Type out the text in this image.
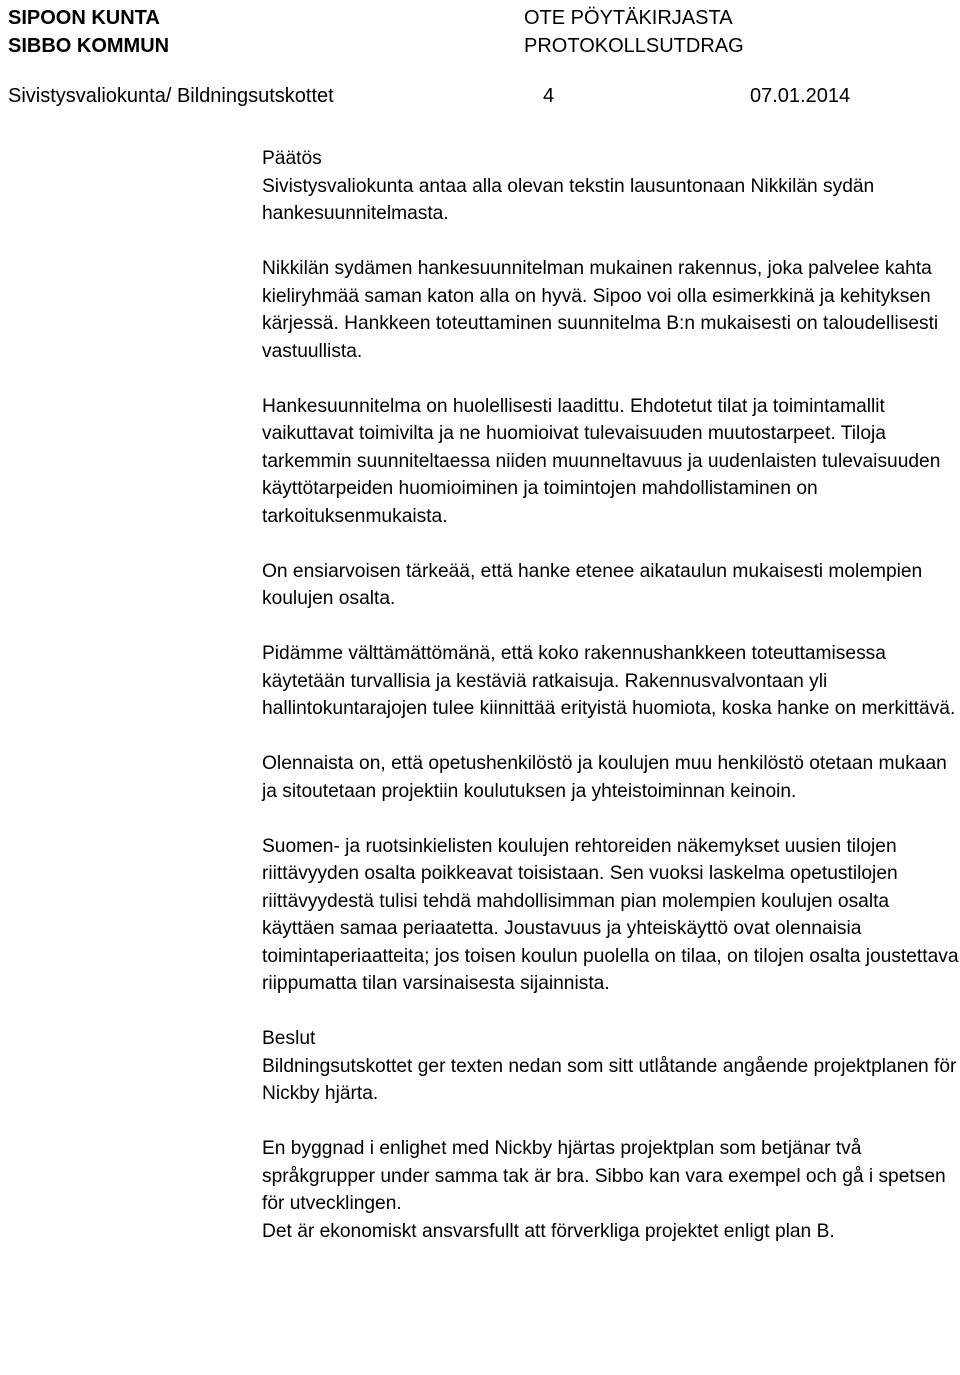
SIPOON KUNTA
SIBBO KOMMUN
OTE PÖYTÄKIRJASTA
PROTOKOLLSUTDRAG
Sivistysvaliokunta/ Bildningsutskottet	4	07.01.2014

Päätös

Sivistysvaliokunta antaa alla olevan tekstin lausuntonaan Nikkilän sydän hankesuunnitelmasta.

Nikkilän sydämen hankesuunnitelman mukainen rakennus, joka palvelee kahta kieliryhmää saman katon alla on hyvä. Sipoo voi olla esimerkkinä ja kehityksen kärjessä. Hankkeen toteuttaminen suunnitelma B:n mukaisesti on taloudellisesti vastuullista.

Hankesuunnitelma on huolellisesti laadittu. Ehdotetut tilat ja toimintamallit vaikuttavat toimivilta ja ne huomioivat tulevaisuuden muutostarpeet. Tiloja tarkemmin suunniteltaessa niiden muunneltavuus ja uudenlaisten tulevaisuuden käyttötarpeiden huomioiminen ja toimintojen mahdollistaminen on tarkoituksenmukaista.

On ensiarvoisen tärkeää, että hanke etenee aikataulun mukaisesti molempien koulujen osalta.

Pidämme välttämättömänä, että koko rakennushankkeen toteuttamisessa käytetään turvallisia ja kestäviä ratkaisuja. Rakennusvalvontaan yli hallintokuntarajojen tulee kiinnittää erityistä huomiota, koska hanke on merkittävä.

Olennaista on, että opetushenkilöstö ja koulujen muu henkilöstö otetaan mukaan ja sitoutetaan projektiin koulutuksen ja yhteistoiminnan keinoin.

Suomen- ja ruotsinkielisten koulujen rehtoreiden näkemykset uusien tilojen riittävyyden osalta poikkeavat toisistaan. Sen vuoksi laskelma opetustilojen riittävyydestä tulisi tehdä mahdollisimman pian molempien koulujen osalta käyttäen samaa periaatetta. Joustavuus ja yhteiskäyttö ovat olennaisia toimintaperiaatteita; jos toisen koulun puolella on tilaa, on tilojen osalta joustettava riippumatta tilan varsinaisesta sijainnista.

Beslut

Bildningsutskottet ger texten nedan som sitt utlåtande angående projektplanen för Nickby hjärta.

En byggnad i enlighet med Nickby hjärtas projektplan som betjänar två språkgrupper under samma tak är bra. Sibbo kan vara exempel och gå i spetsen för utvecklingen.

Det är ekonomiskt ansvarsfullt att förverkliga projektet enligt plan B.
